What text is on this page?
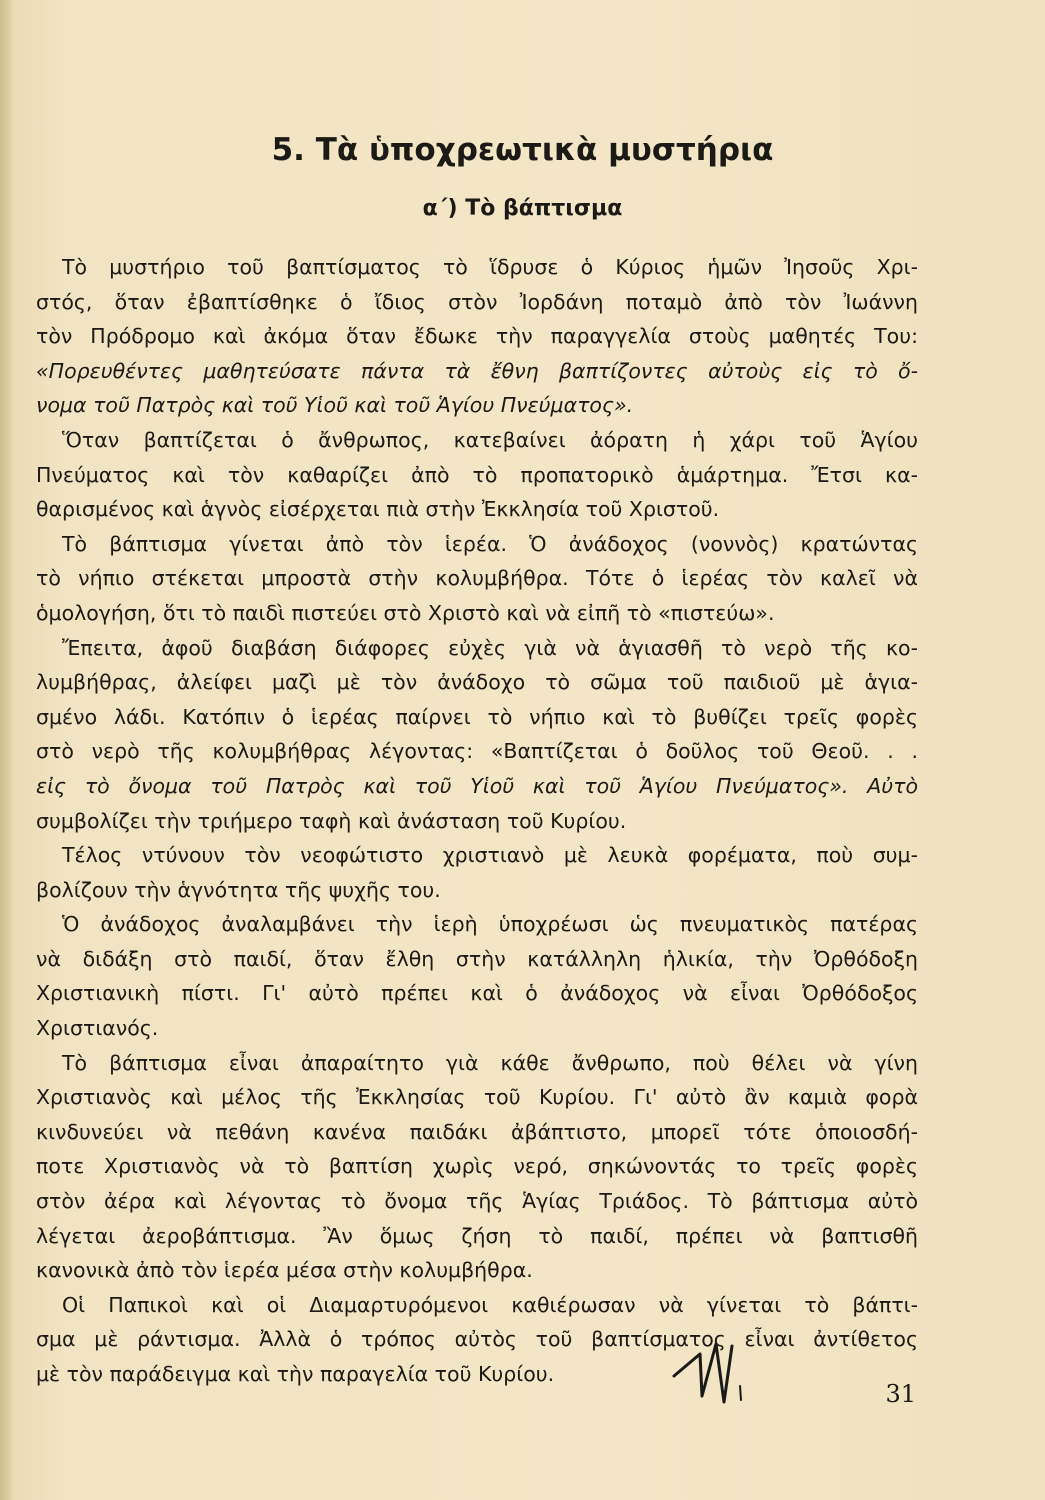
5. Τὰ ὑποχρεωτικὰ μυστήρια
α΄) Τὸ βάπτισμα
Τὸ μυστήριο τοῦ βαπτίσματος τὸ ἵδρυσε ὁ Κύριος ἡμῶν Ἰησοῦς Χρι-
στός, ὅταν ἐβαπτίσθηκε ὁ ἴδιος στὸν Ἰορδάνη ποταμὸ ἀπὸ τὸν Ἰωάννη
τὸν Πρόδρομο καὶ ἀκόμα ὅταν ἔδωκε τὴν παραγγελία στοὺς μαθητές Του:
«Πορευθέντες μαθητεύσατε πάντα τὰ ἔθνη βαπτίζοντες αὐτοὺς εἰς τὸ ὄ-
νομα τοῦ Πατρὸς καὶ τοῦ Υἱοῦ καὶ τοῦ Ἁγίου Πνεύματος».
Ὅταν βαπτίζεται ὁ ἄνθρωπος, κατεβαίνει ἀόρατη ἡ χάρι τοῦ Ἁγίου
Πνεύματος καὶ τὸν καθαρίζει ἀπὸ τὸ προπατορικὸ ἁμάρτημα. Ἔτσι κα-
θαρισμένος καὶ ἁγνὸς εἰσέρχεται πιὰ στὴν Ἐκκλησία τοῦ Χριστοῦ.
Τὸ βάπτισμα γίνεται ἀπὸ τὸν ἱερέα. Ὁ ἀνάδοχος (νοννὸς) κρατώντας
τὸ νήπιο στέκεται μπροστὰ στὴν κολυμβήθρα. Τότε ὁ ἱερέας τὸν καλεῖ νὰ
ὁμολογήση, ὅτι τὸ παιδὶ πιστεύει στὸ Χριστὸ καὶ νὰ εἰπῆ τὸ «πιστεύω».
Ἔπειτα, ἀφοῦ διαβάση διάφορες εὐχὲς γιὰ νὰ ἁγιασθῆ τὸ νερὸ τῆς κο-
λυμβήθρας, ἀλείφει μαζὶ μὲ τὸν ἀνάδοχο τὸ σῶμα τοῦ παιδιοῦ μὲ ἁγια-
σμένο λάδι. Κατόπιν ὁ ἱερέας παίρνει τὸ νήπιο καὶ τὸ βυθίζει τρεῖς φορὲς
στὸ νερὸ τῆς κολυμβήθρας λέγοντας: «Βαπτίζεται ὁ δοῦλος τοῦ Θεοῦ. . .
εἰς τὸ ὄνομα τοῦ Πατρὸς καὶ τοῦ Υἱοῦ καὶ τοῦ Ἁγίου Πνεύματος». Αὐτὸ
συμβολίζει τὴν τριήμερο ταφὴ καὶ ἀνάσταση τοῦ Κυρίου.
Τέλος ντύνουν τὸν νεοφώτιστο χριστιανὸ μὲ λευκὰ φορέματα, ποὺ συμ-
βολίζουν τὴν ἁγνότητα τῆς ψυχῆς του.
Ὁ ἀνάδοχος ἀναλαμβάνει τὴν ἱερὴ ὑποχρέωσι ὡς πνευματικὸς πατέρας
νὰ διδάξη στὸ παιδί, ὅταν ἔλθη στὴν κατάλληλη ἡλικία, τὴν Ὀρθόδοξη
Χριστιανικὴ πίστι. Γι' αὐτὸ πρέπει καὶ ὁ ἀνάδοχος νὰ εἶναι Ὀρθόδοξος
Χριστιανός.
Τὸ βάπτισμα εἶναι ἀπαραίτητο γιὰ κάθε ἄνθρωπο, ποὺ θέλει νὰ γίνη
Χριστιανὸς καὶ μέλος τῆς Ἐκκλησίας τοῦ Κυρίου. Γι' αὐτὸ ἂν καμιὰ φορὰ
κινδυνεύει νὰ πεθάνη κανένα παιδάκι ἀβάπτιστο, μπορεῖ τότε ὁποιοσδή-
ποτε Χριστιανὸς νὰ τὸ βαπτίση χωρὶς νερό, σηκώνοντάς το τρεῖς φορὲς
στὸν ἀέρα καὶ λέγοντας τὸ ὄνομα τῆς Ἁγίας Τριάδος. Τὸ βάπτισμα αὐτὸ
λέγεται ἀεροβάπτισμα. Ἂν ὅμως ζήση τὸ παιδί, πρέπει νὰ βαπτισθῆ
κανονικὰ ἀπὸ τὸν ἱερέα μέσα στὴν κολυμβήθρα.
Οἱ Παπικοὶ καὶ οἱ Διαμαρτυρόμενοι καθιέρωσαν νὰ γίνεται τὸ βάπτι-
σμα μὲ ράντισμα. Ἀλλὰ ὁ τρόπος αὐτὸς τοῦ βαπτίσματος εἶναι ἀντίθετος
μὲ τὸν παράδειγμα καὶ τὴν παραγελία τοῦ Κυρίου.
31
